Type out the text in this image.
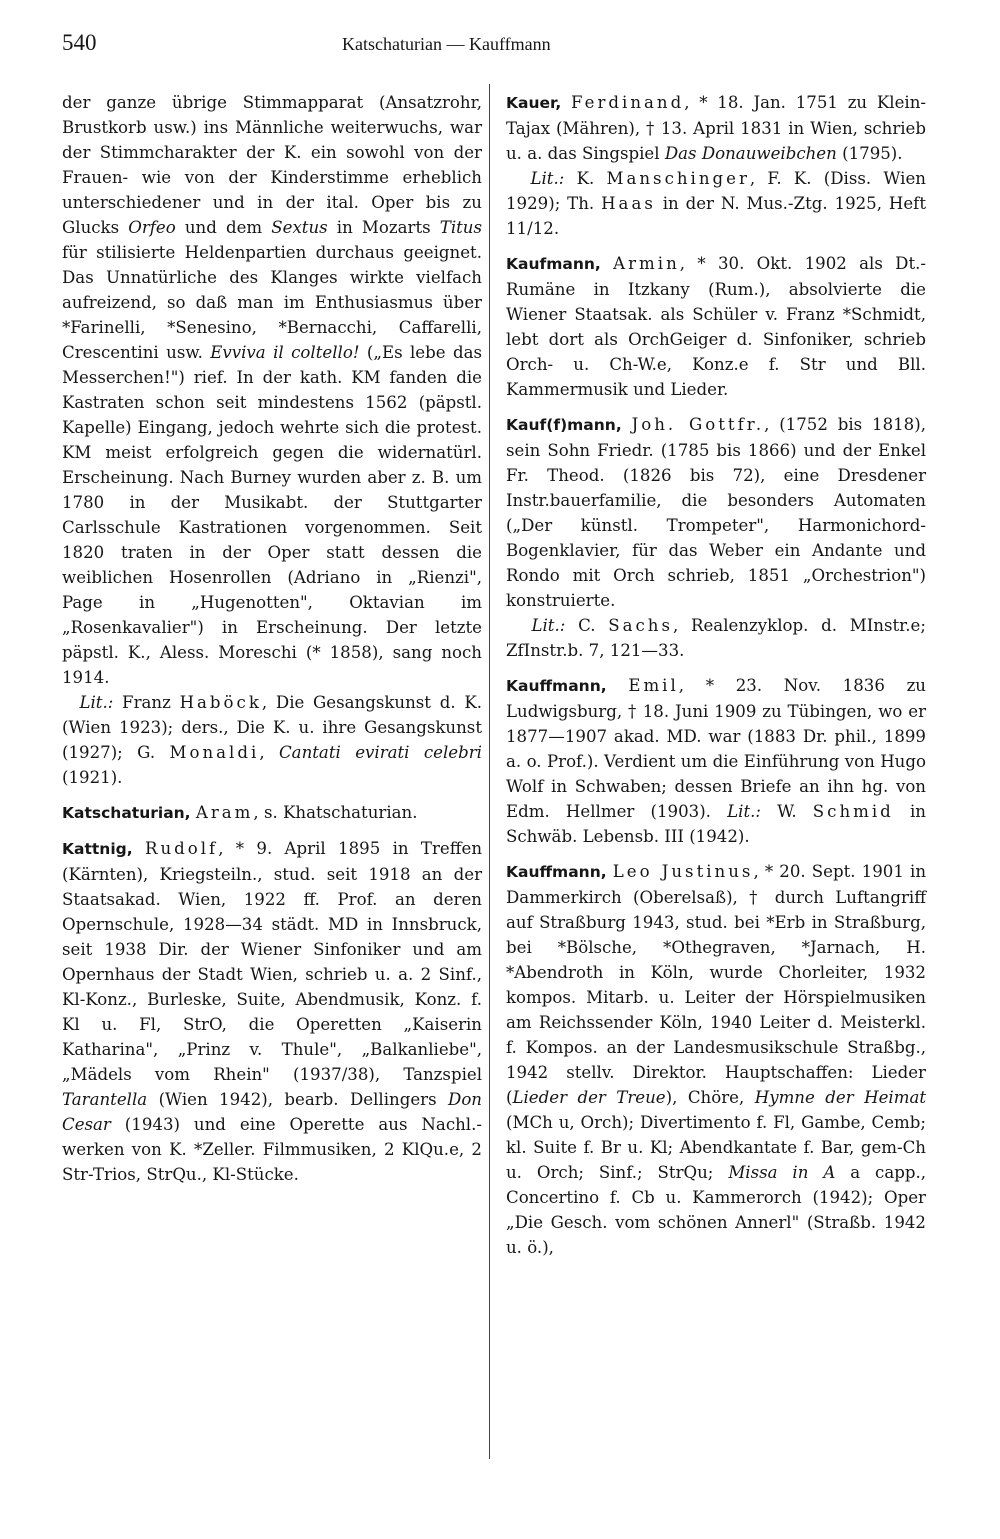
540	Katschaturian — Kauffmann

der ganze übrige Stimmapparat (Ansatzrohr, Brustkorb usw.) ins Männliche weiterwuchs, war der Stimmcharakter der K. ein sowohl von der Frauen- wie von der Kinderstimme erheblich unterschiedener und in der ital. Oper bis zu Glucks Orfeo und dem Sextus in Mozarts Titus für stilisierte Heldenpartien durchaus geeignet. Das Unnatürliche des Klanges wirkte vielfach aufreizend, so daß man im Enthusiasmus über *Farinelli, *Senesino, *Bernacchi, Caffarelli, Crescentini usw. Evviva il coltello! („Es lebe das Messerchen!") rief. In der kath. KM fanden die Kastraten schon seit mindestens 1562 (päpstl. Kapelle) Eingang, jedoch wehrte sich die protest. KM meist erfolgreich gegen die widernatürl. Erscheinung. Nach Burney wurden aber z. B. um 1780 in der Musikabt. der Stuttgarter Carlsschule Kastrationen vorgenommen. Seit 1820 traten in der Oper statt dessen die weiblichen Hosenrollen (Adriano in „Rienzi", Page in „Hugenotten", Oktavian im „Rosenkavalier") in Erscheinung. Der letzte päpstl. K., Aless. Moreschi (* 1858), sang noch 1914.

Lit.: Franz Haböck, Die Gesangskunst d. K. (Wien 1923); ders., Die K. u. ihre Gesangskunst (1927); G. Monaldi, Cantati evirati celebri (1921).

Katschaturian, Aram, s. Khatschaturian.

Kattnig, Rudolf, * 9. April 1895 in Treffen (Kärnten), Kriegsteiln., stud. seit 1918 an der Staatsakad. Wien, 1922 ff. Prof. an deren Opernschule, 1928—34 städt. MD in Innsbruck, seit 1938 Dir. der Wiener Sinfoniker und am Opernhaus der Stadt Wien, schrieb u. a. 2 Sinf., Kl-Konz., Burleske, Suite, Abendmusik, Konz. f. Kl u. Fl, StrO, die Operetten „Kaiserin Katharina", „Prinz v. Thule", „Balkanliebe", „Mädels vom Rhein" (1937/38), Tanzspiel Tarantella (Wien 1942), bearb. Dellingers Don Cesar (1943) und eine Operette aus Nachl.-werken von K. *Zeller. Filmmusiken, 2 KlQu.e, 2 Str-Trios, StrQu., Kl-Stücke.

Kauer, Ferdinand, * 18. Jan. 1751 zu Klein-Tajax (Mähren), † 13. April 1831 in Wien, schrieb u. a. das Singspiel Das Donauweibchen (1795).

Lit.: K. Manschinger, F. K. (Diss. Wien 1929); Th. Haas in der N. Mus.-Ztg. 1925, Heft 11/12.

Kaufmann, Armin, * 30. Okt. 1902 als Dt.-Rumäne in Itzkany (Rum.), absolvierte die Wiener Staatsak. als Schüler v. Franz *Schmidt, lebt dort als OrchGeiger d. Sinfoniker, schrieb Orch- u. Ch-W.e, Konz.e f. Str und Bll. Kammermusik und Lieder.

Kauf(f)mann, Joh. Gottfr., (1752 bis 1818), sein Sohn Friedr. (1785 bis 1866) und der Enkel Fr. Theod. (1826 bis 72), eine Dresdener Instr.bauerfamilie, die besonders Automaten („Der künstl. Trompeter", Harmonichord-Bogenklavier, für das Weber ein Andante und Rondo mit Orch schrieb, 1851 „Orchestrion") konstruierte.

Lit.: C. Sachs, Realenzyklop. d. MInstr.e; ZfInstr.b. 7, 121—33.

Kauffmann, Emil, * 23. Nov. 1836 zu Ludwigsburg, † 18. Juni 1909 zu Tübingen, wo er 1877—1907 akad. MD. war (1883 Dr. phil., 1899 a. o. Prof.). Verdient um die Einführung von Hugo Wolf in Schwaben; dessen Briefe an ihn hg. von Edm. Hellmer (1903). Lit.: W. Schmid in Schwäb. Lebensb. III (1942).

Kauffmann, Leo Justinus, * 20. Sept. 1901 in Dammerkirch (Oberelsaß), † durch Luftangriff auf Straßburg 1943, stud. bei *Erb in Straßburg, bei *Bölsche, *Othegraven, *Jarnach, H. *Abendroth in Köln, wurde Chorleiter, 1932 kompos. Mitarb. u. Leiter der Hörspielmusiken am Reichssender Köln, 1940 Leiter d. Meisterkl. f. Kompos. an der Landesmusikschule Straßbg., 1942 stellv. Direktor. Hauptschaffen: Lieder (Lieder der Treue), Chöre, Hymne der Heimat (MCh u, Orch); Divertimento f. Fl, Gambe, Cemb; kl. Suite f. Br u. Kl; Abendkantate f. Bar, gem-Ch u. Orch; Sinf.; StrQu; Missa in A a capp., Concertino f. Cb u. Kammerorch (1942); Oper „Die Gesch. vom schönen Annerl" (Straßb. 1942 u. ö.),
